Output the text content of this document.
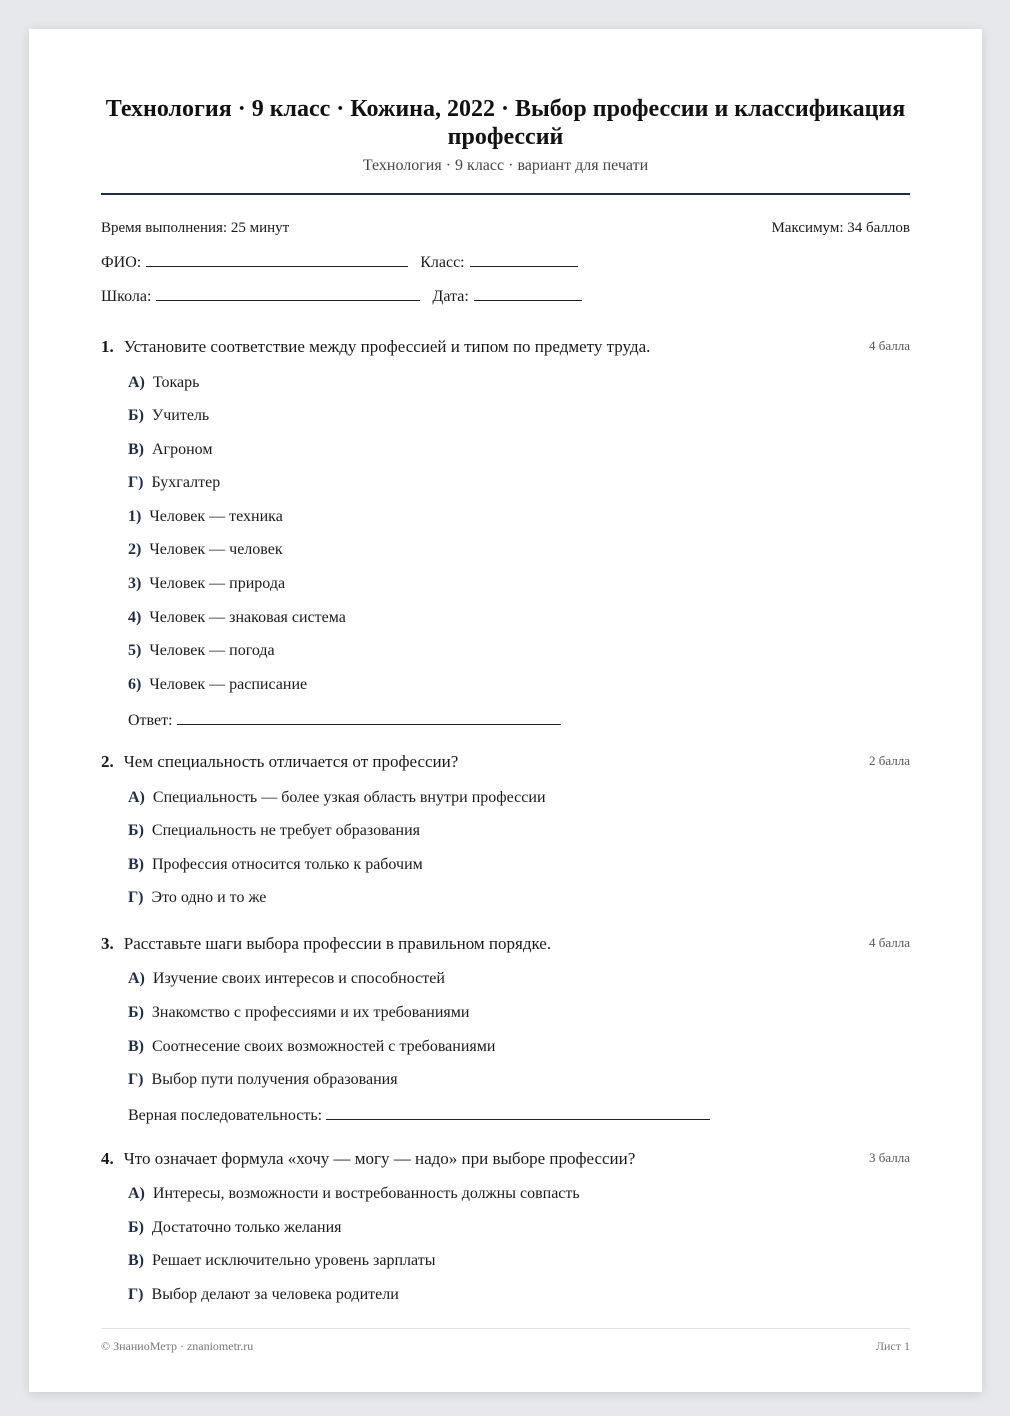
Технология · 9 класс · Кожина, 2022 · Выбор профессии и классификация профессий
Технология · 9 класс · вариант для печати
Время выполнения: 25 минут	Максимум: 34 баллов
ФИО:	Класс:
Школа:	Дата:
1. Установите соответствие между профессией и типом по предмету труда.	4 балла
А) Токарь
Б) Учитель
В) Агроном
Г) Бухгалтер
1) Человек — техника
2) Человек — человек
3) Человек — природа
4) Человек — знаковая система
5) Человек — погода
6) Человек — расписание
Ответ:
2. Чем специальность отличается от профессии?	2 балла
А) Специальность — более узкая область внутри профессии
Б) Специальность не требует образования
В) Профессия относится только к рабочим
Г) Это одно и то же
3. Расставьте шаги выбора профессии в правильном порядке.	4 балла
А) Изучение своих интересов и способностей
Б) Знакомство с профессиями и их требованиями
В) Соотнесение своих возможностей с требованиями
Г) Выбор пути получения образования
Верная последовательность:
4. Что означает формула «хочу — могу — надо» при выборе профессии?	3 балла
А) Интересы, возможности и востребованность должны совпасть
Б) Достаточно только желания
В) Решает исключительно уровень зарплаты
Г) Выбор делают за человека родители
© ЗнаниоМетр · znaniometr.ru	Лист 1
